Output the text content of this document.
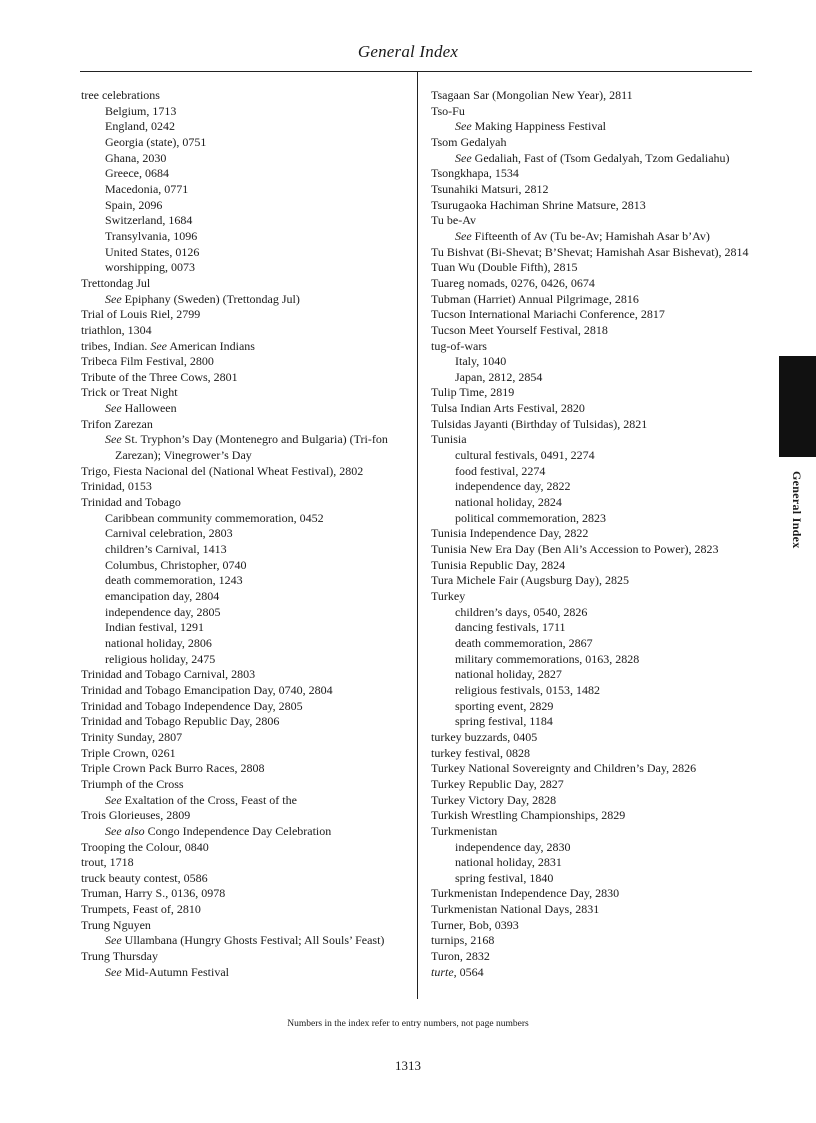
General Index
tree celebrations
Belgium, 1713
England, 0242
Georgia (state), 0751
Ghana, 2030
Greece, 0684
Macedonia, 0771
Spain, 2096
Switzerland, 1684
Transylvania, 1096
United States, 0126
worshipping, 0073
Trettondag Jul
See Epiphany (Sweden) (Trettondag Jul)
Trial of Louis Riel, 2799
triathlon, 1304
tribes, Indian. See American Indians
Tribeca Film Festival, 2800
Tribute of the Three Cows, 2801
Trick or Treat Night
See Halloween
Trifon Zarezan
See St. Tryphon’s Day (Montenegro and Bulgaria) (Tri-fon Zarezan); Vinegrower’s Day
Trigo, Fiesta Nacional del (National Wheat Festival), 2802
Trinidad, 0153
Trinidad and Tobago
Caribbean community commemoration, 0452
Carnival celebration, 2803
children’s Carnival, 1413
Columbus, Christopher, 0740
death commemoration, 1243
emancipation day, 2804
independence day, 2805
Indian festival, 1291
national holiday, 2806
religious holiday, 2475
Trinidad and Tobago Carnival, 2803
Trinidad and Tobago Emancipation Day, 0740, 2804
Trinidad and Tobago Independence Day, 2805
Trinidad and Tobago Republic Day, 2806
Trinity Sunday, 2807
Triple Crown, 0261
Triple Crown Pack Burro Races, 2808
Triumph of the Cross
See Exaltation of the Cross, Feast of the
Trois Glorieuses, 2809
See also Congo Independence Day Celebration
Trooping the Colour, 0840
trout, 1718
truck beauty contest, 0586
Truman, Harry S., 0136, 0978
Trumpets, Feast of, 2810
Trung Nguyen
See Ullambana (Hungry Ghosts Festival; All Souls’ Feast)
Trung Thursday
See Mid-Autumn Festival
Tsagaan Sar (Mongolian New Year), 2811
Tso-Fu
See Making Happiness Festival
Tsom Gedalyah
See Gedaliah, Fast of (Tsom Gedalyah, Tzom Gedaliahu)
Tsongkhapa, 1534
Tsunahiki Matsuri, 2812
Tsurugaoka Hachiman Shrine Matsure, 2813
Tu be-Av
See Fifteenth of Av (Tu be-Av; Hamishah Asar b’Av)
Tu Bishvat (Bi-Shevat; B’Shevat; Hamishah Asar Bishevat), 2814
Tuan Wu (Double Fifth), 2815
Tuareg nomads, 0276, 0426, 0674
Tubman (Harriet) Annual Pilgrimage, 2816
Tucson International Mariachi Conference, 2817
Tucson Meet Yourself Festival, 2818
tug-of-wars
Italy, 1040
Japan, 2812, 2854
Tulip Time, 2819
Tulsa Indian Arts Festival, 2820
Tulsidas Jayanti (Birthday of Tulsidas), 2821
Tunisia
cultural festivals, 0491, 2274
food festival, 2274
independence day, 2822
national holiday, 2824
political commemoration, 2823
Tunisia Independence Day, 2822
Tunisia New Era Day (Ben Ali’s Accession to Power), 2823
Tunisia Republic Day, 2824
Tura Michele Fair (Augsburg Day), 2825
Turkey
children’s days, 0540, 2826
dancing festivals, 1711
death commemoration, 2867
military commemorations, 0163, 2828
national holiday, 2827
religious festivals, 0153, 1482
sporting event, 2829
spring festival, 1184
turkey buzzards, 0405
turkey festival, 0828
Turkey National Sovereignty and Children’s Day, 2826
Turkey Republic Day, 2827
Turkey Victory Day, 2828
Turkish Wrestling Championships, 2829
Turkmenistan
independence day, 2830
national holiday, 2831
spring festival, 1840
Turkmenistan Independence Day, 2830
Turkmenistan National Days, 2831
Turner, Bob, 0393
turnips, 2168
Turon, 2832
turte, 0564
General Index
Numbers in the index refer to entry numbers, not page numbers
1313
